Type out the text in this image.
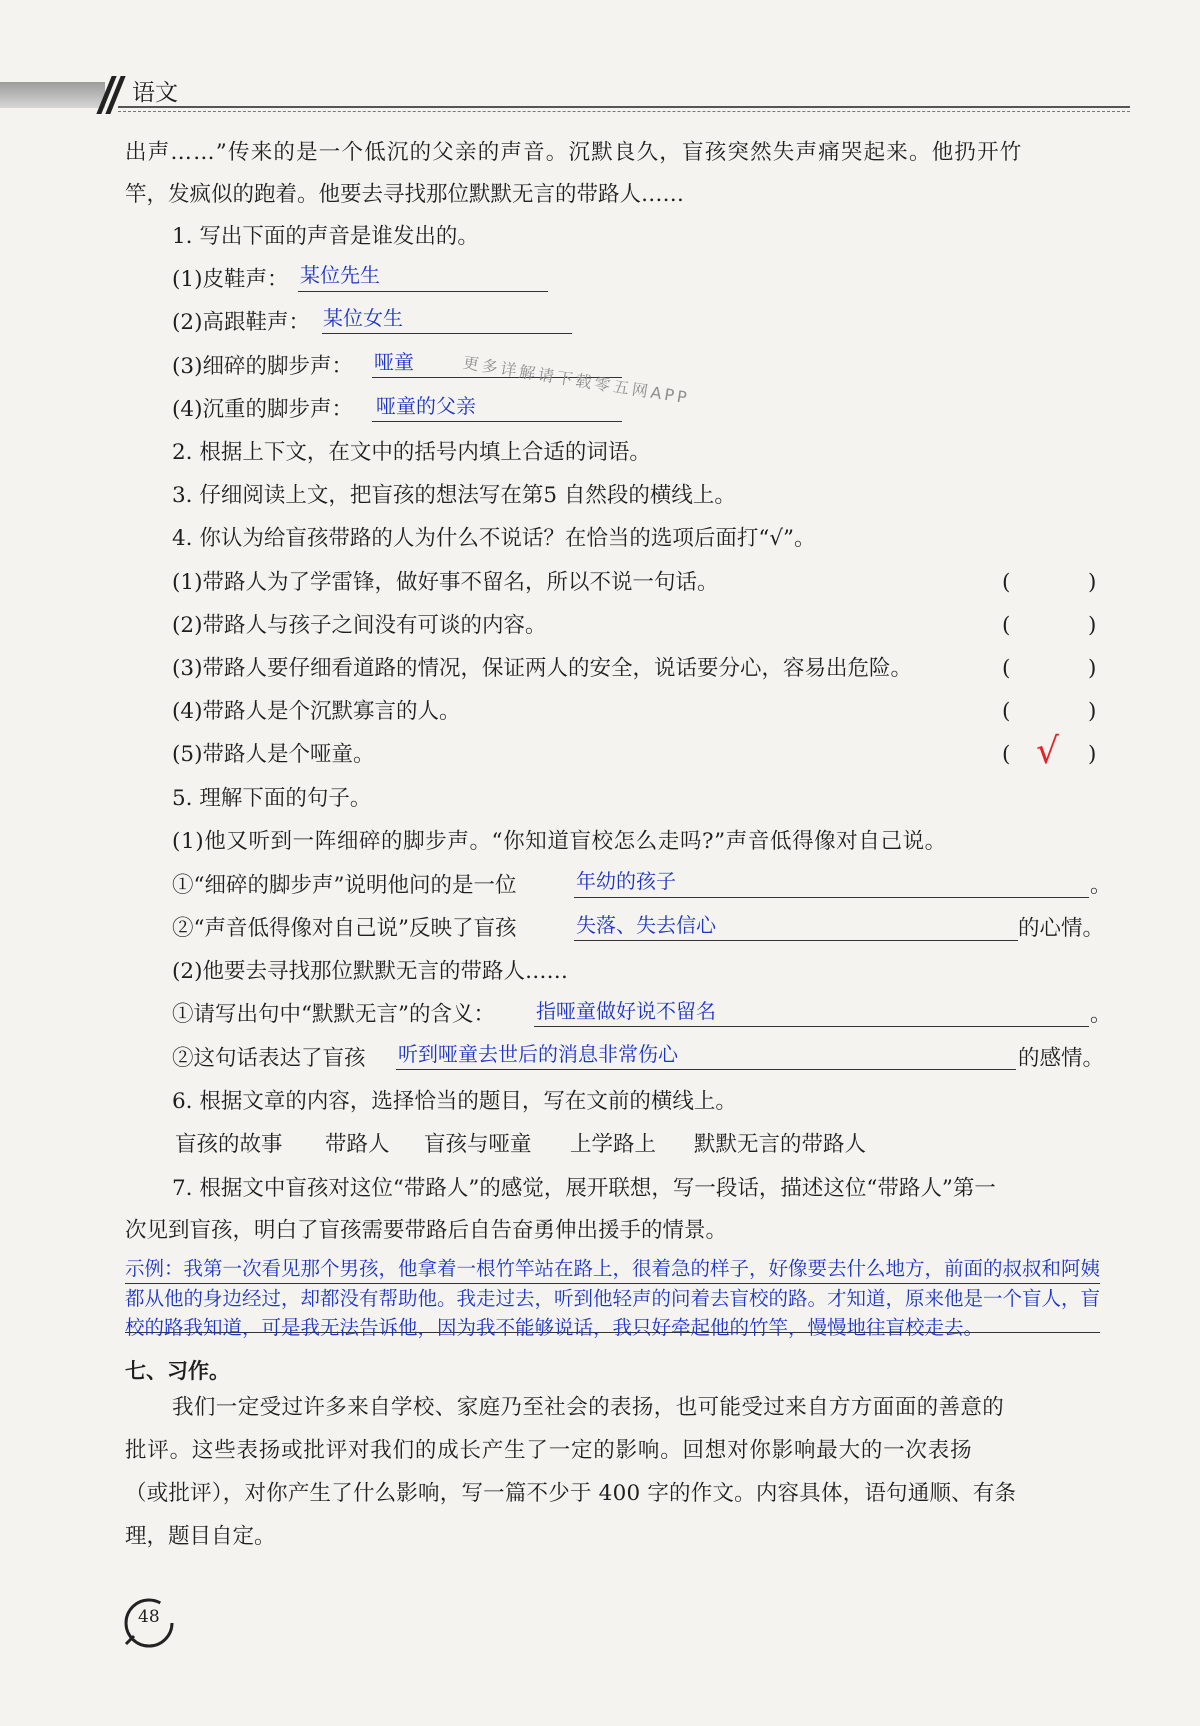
语文
出声……”传来的是一个低沉的父亲的声音。沉默良久，盲孩突然失声痛哭起来。他扔开竹
竿，发疯似的跑着。他要去寻找那位默默无言的带路人……
1. 写出下面的声音是谁发出的。
(1)皮鞋声： 某位先生
(2)高跟鞋声： 某位女生
(3)细碎的脚步声： 哑童
(4)沉重的脚步声： 哑童的父亲
更多详解请下载零五网APP
2. 根据上下文，在文中的括号内填上合适的词语。
3. 仔细阅读上文，把盲孩的想法写在第5 自然段的横线上。
4. 你认为给盲孩带路的人为什么不说话？在恰当的选项后面打“√”。
(1)带路人为了学雷锋，做好事不留名，所以不说一句话。	(	)
(2)带路人与孩子之间没有可谈的内容。	(	)
(3)带路人要仔细看道路的情况，保证两人的安全，说话要分心，容易出危险。	(	)
(4)带路人是个沉默寡言的人。	(	)
(5)带路人是个哑童。	( √ )
5. 理解下面的句子。
(1)他又听到一阵细碎的脚步声。“你知道盲校怎么走吗?”声音低得像对自己说。
①“细碎的脚步声”说明他问的是一位	年幼的孩子	。
②“声音低得像对自己说”反映了盲孩	失落、失去信心	的心情。
(2)他要去寻找那位默默无言的带路人……
①请写出句中“默默无言”的含义： 指哑童做好说不留名	。
②这句话表达了盲孩 听到哑童去世后的消息非常伤心	的感情。
6. 根据文章的内容，选择恰当的题目，写在文前的横线上。
盲孩的故事 带路人 盲孩与哑童 上学路上 默默无言的带路人
7. 根据文中盲孩对这位“带路人”的感觉，展开联想，写一段话，描述这位“带路人”第一
次见到盲孩，明白了盲孩需要带路后自告奋勇伸出援手的情景。
示例：我第一次看见那个男孩，他拿着一根竹竿站在路上，很着急的样子，好像要去什么地方，前面的叔叔和阿姨都从他的身边经过，却都没有帮助他。我走过去，听到他轻声的问着去盲校的路。才知道，原来他是一个盲人，盲校的路我知道，可是我无法告诉他，因为我不能够说话，我只好牵起他的竹竿，慢慢地往盲校走去。
七、习作。
我们一定受过许多来自学校、家庭乃至社会的表扬，也可能受过来自方方面面的善意的
批评。这些表扬或批评对我们的成长产生了一定的影响。回想对你影响最大的一次表扬
（或批评），对你产生了什么影响，写一篇不少于 400 字的作文。内容具体，语句通顺、有条
理，题目自定。
48
